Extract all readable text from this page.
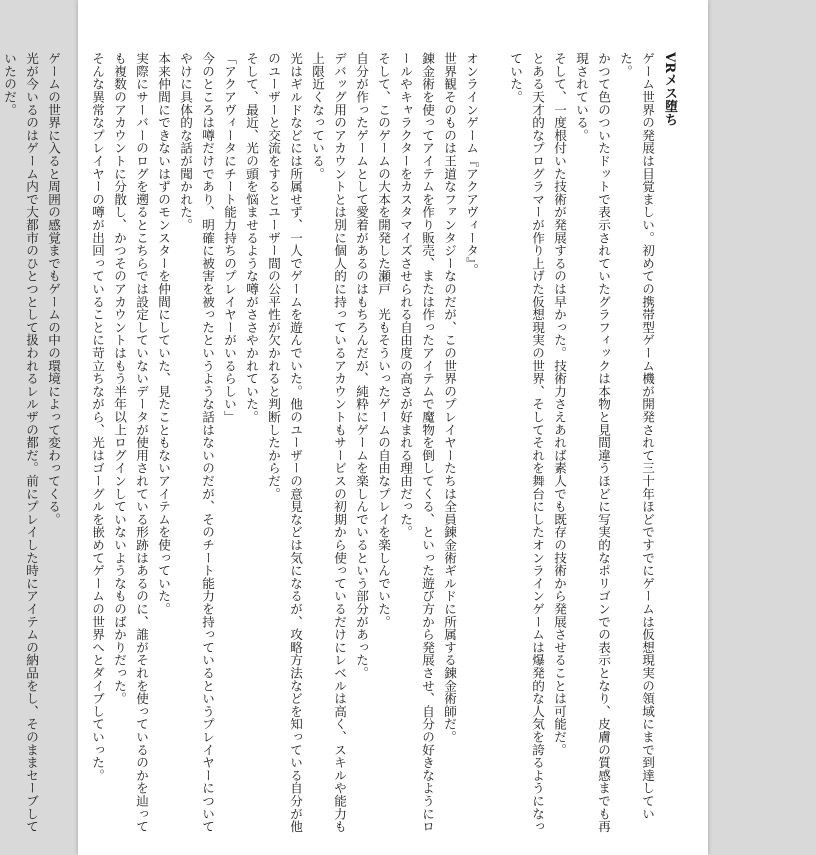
VRメス堕ち
ゲーム世界の発展は目覚ましい。初めての携帯型ゲーム機が開発されて三十年ほどですでにゲームは仮想現実の領域にまで到達していた。
かつて色のついたドットで表示されていたグラフィックは本物と見間違うほどに写実的なポリゴンでの表示となり、皮膚の質感までも再現されている。
そして、一度根付いた技術が発展するのは早かった。技術力さえあれば素人でも既存の技術から発展させることは可能だ。
とある天才的なプログラマーが作り上げた仮想現実の世界、そしてそれを舞台にしたオンラインゲームは爆発的な人気を誇るようになっていた。
オンラインゲーム『アクアヴィータ』。
世界観そのものは王道なファンタジーなのだが、この世界のプレイヤーたちは全員錬金術ギルドに所属する錬金術師だ。
錬金術を使ってアイテムを作り販売、または作ったアイテムで魔物を倒してくる、といった遊び方から発展させ、自分の好きなようにロールやキャラクターをカスタマイズさせられる自由度の高さが好まれる理由だった。
そして、このゲームの大本を開発した瀬戸　光もそういったゲームの自由なプレイを楽しんでいた。
自分が作ったゲームとして愛着があるのはもちろんだが、純粋にゲームを楽しんでいるという部分があった。
デバッグ用のアカウントとは別に個人的に持っているアカウントもサービスの初期から使っているだけにレベルは高く、スキルや能力も上限近くなっている。
光はギルドなどには所属せず、一人でゲームを遊んでいた。他のユーザーの意見などは気になるが、攻略方法などを知っている自分が他のユーザーと交流をするとユーザー間の公平性が欠かれると判断したからだ。
そして、最近、光の頭を悩ませるような噂がささやかれていた。
「アクアヴィータにチート能力持ちのプレイヤーがいるらしい」
今のところは噂だけであり、明確に被害を被ったというような話はないのだが、そのチート能力を持っているというプレイヤーについてやけに具体的な話が聞かれた。
本来仲間にできないはずのモンスターを仲間にしていた、見たこともないアイテムを使っていた。
実際にサーバーのログを遡るとこちらでは設定していないデータが使用されている形跡はあるのに、誰がそれを使っているのかを辿っても複数のアカウントに分散し、かつそのアカウントはもう半年以上ログインしていないようなものばかりだった。
そんな異常なプレイヤーの噂が出回っていることに苛立ちながら、光はゴーグルを嵌めてゲームの世界へとダイブしていった。
ゲームの世界に入ると周囲の感覚までもゲームの中の環境によって変わってくる。
光が今いるのはゲーム内で大都市のひとつとして扱われるレルザの都だ。前にプレイした時にアイテムの納品をし、そのままセーブしていたのだ。
